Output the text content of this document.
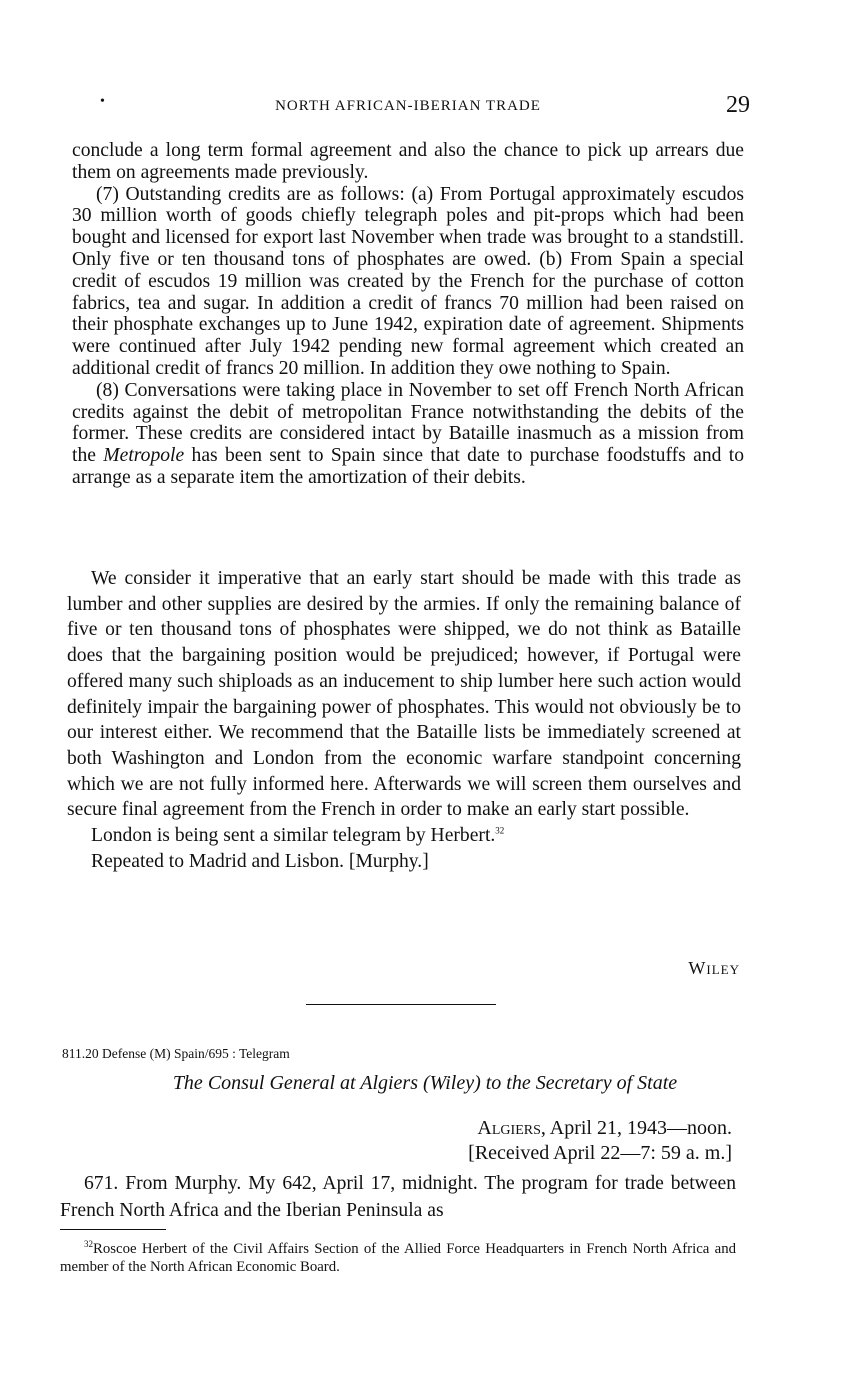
•	NORTH AFRICAN-IBERIAN TRADE	29

conclude a long term formal agreement and also the chance to pick up arrears due them on agreements made previously.

(7) Outstanding credits are as follows: (a) From Portugal approximately escudos 30 million worth of goods chiefly telegraph poles and pit-props which had been bought and licensed for export last November when trade was brought to a standstill. Only five or ten thousand tons of phosphates are owed. (b) From Spain a special credit of escudos 19 million was created by the French for the purchase of cotton fabrics, tea and sugar. In addition a credit of francs 70 million had been raised on their phosphate exchanges up to June 1942, expiration date of agreement. Shipments were continued after July 1942 pending new formal agreement which created an additional credit of francs 20 million. In addition they owe nothing to Spain.

(8) Conversations were taking place in November to set off French North African credits against the debit of metropolitan France notwithstanding the debits of the former. These credits are considered intact by Bataille inasmuch as a mission from the Metropole has been sent to Spain since that date to purchase foodstuffs and to arrange as a separate item the amortization of their debits.

We consider it imperative that an early start should be made with this trade as lumber and other supplies are desired by the armies. If only the remaining balance of five or ten thousand tons of phosphates were shipped, we do not think as Bataille does that the bargaining position would be prejudiced; however, if Portugal were offered many such shiploads as an inducement to ship lumber here such action would definitely impair the bargaining power of phosphates. This would not obviously be to our interest either. We recommend that the Bataille lists be immediately screened at both Washington and London from the economic warfare standpoint concerning which we are not fully informed here. Afterwards we will screen them ourselves and secure final agreement from the French in order to make an early start possible.

London is being sent a similar telegram by Herbert.$^{32}$

Repeated to Madrid and Lisbon. [Murphy.]

Wiley
811.20 Defense (M) Spain/695 : Telegram
The Consul General at Algiers (Wiley) to the Secretary of State
Algiers, April 21, 1943—noon.
[Received April 22—7: 59 a. m.]

671. From Murphy. My 642, April 17, midnight. The program for trade between French North Africa and the Iberian Peninsula as

$^{32}$Roscoe Herbert of the Civil Affairs Section of the Allied Force Headquarters in French North Africa and member of the North African Economic Board.
